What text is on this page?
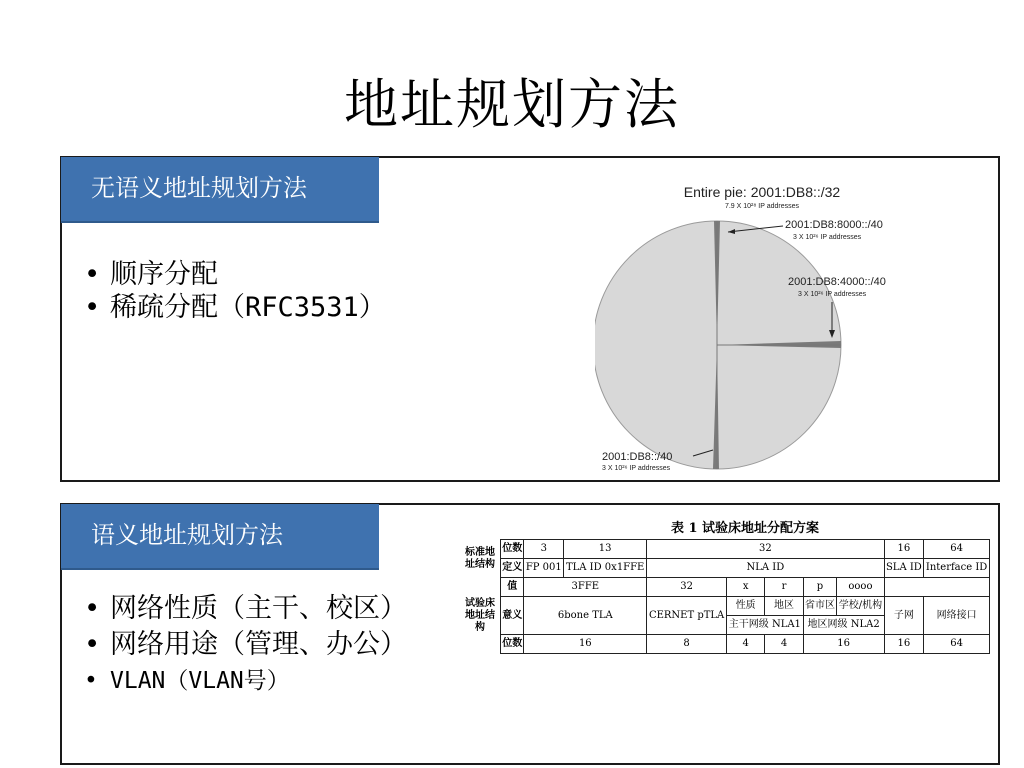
地址规划方法
无语义地址规划方法
• 顺序分配
• 稀疏分配（RFC3531）
Entire pie: 2001:DB8::/32
7.9 X 10²⁸ IP addresses
2001:DB8:8000::/40
3 X 10²⁶ IP addresses
2001:DB8:4000::/40
3 X 10²⁶ IP addresses
2001:DB8::/40
3 X 10²⁶ IP addresses
语义地址规划方法
• 网络性质（主干、校区）
• 网络用途（管理、办公）
• VLAN（VLAN号）
表 1 试验床地址分配方案
标准地址结构	位数	3	13	32					16	64
	定义	FP 001	TLA ID 0x1FFE	NLA ID					SLA ID	Interface ID
试验床地址结构	值	3FFE		32	x	r	p	oooo		
	意义	6bone TLA		CERNET pTLA	性质	地区	省市区	学校/机构	子网	网络接口
					主干网级 NLA1		地区网级 NLA2			
	位数	16		8	4	4	16		16	64
